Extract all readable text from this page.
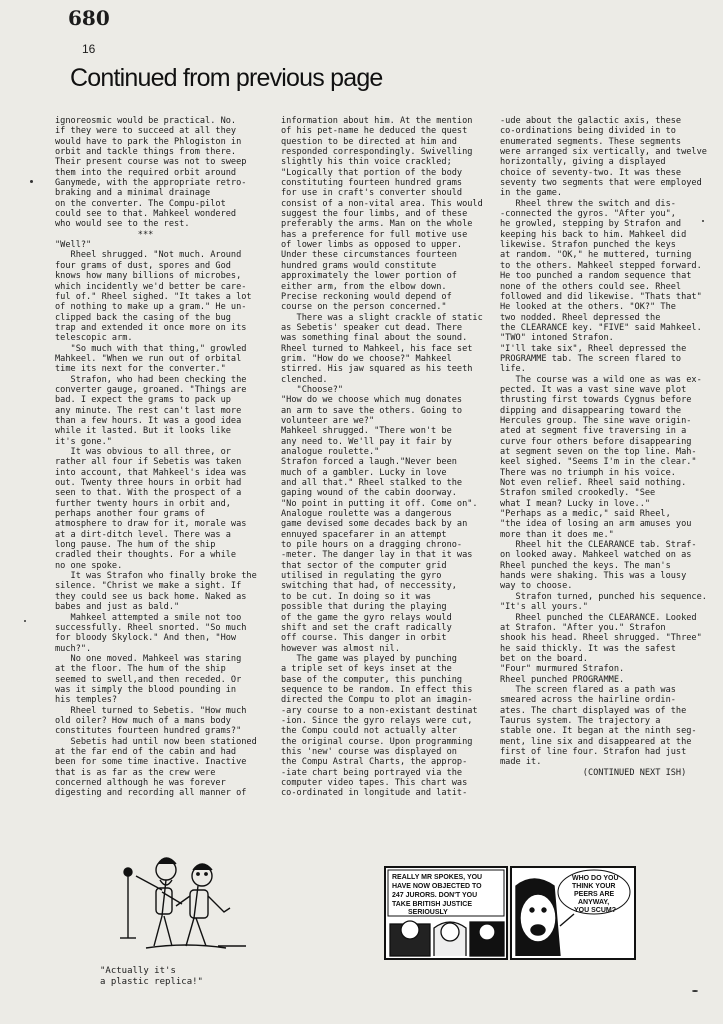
680
16
Continued from previous page
ignoreosmic would be practical. No.
if they were to succeed at all they
would have to park the Phlogiston in
orbit and tackle things from there.
Their present course was not to sweep
them into the required orbit around
Ganymede, with the appropriate retro-
braking and a minimal drainage
on the converter. The Compu-pilot
could see to that. Mahkeel wondered
who would see to the rest.
***
"Well?"
Rheel shrugged. "Not much. Around
four grams of dust, spores and God
knows how many billions of microbes,
which incidently we'd better be care-
ful of." Rheel sighed. "It takes a lot
of nothing to make up a gram." He un-
clipped back the casing of the bug
trap and extended it once more on its
telescopic arm.
"So much with that thing," growled
Mahkeel. "When we run out of orbital
time its next for the converter."
Strafon, who had been checking the
converter gauge, groaned. "Things are
bad. I expect the grams to pack up
any minute. The rest can't last more
than a few hours. It was a good idea
while it lasted. But it looks like
it's gone."
It was obvious to all three, or
rather all four if Sebetis was taken
into account, that Mahkeel's idea was
out. Twenty three hours in orbit had
seen to that. With the prospect of a
further twenty hours in orbit and,
perhaps another four grams of
atmosphere to draw for it, morale was
at a dirt-ditch level. There was a
long pause. The hum of the ship
cradled their thoughts. For a while
no one spoke.
It was Strafon who finally broke the
silence. "Christ we make a sight. If
they could see us back home. Naked as
babes and just as bald."
Mahkeel attempted a smile not too
successfully. Rheel snorted. "So much
for bloody Skylock." And then, "How
much?".
No one moved. Mahkeel was staring
at the floor. The hum of the ship
seemed to swell,and then receded. Or
was it simply the blood pounding in
his temples?
Rheel turned to Sebetis. "How much
old oiler? How much of a mans body
constitutes fourteen hundred grams?"
Sebetis had until now been stationed
at the far end of the cabin and had
been for some time inactive. Inactive
that is as far as the crew were
concerned although he was forever
digesting and recording all manner of
information about him. At the mention
of his pet-name he deduced the quest
question to be directed at him and
responded correspondingly. Swivelling
slightly his thin voice crackled;
"Logically that portion of the body
constituting fourteen hundred grams
for use in craft's converter should
consist of a non-vital area. This would
suggest the four limbs, and of these
preferably the arms. Man on the whole
has a preference for full motive use
of lower limbs as opposed to upper.
Under these circumstances fourteen
hundred grams would constitute
approximately the lower portion of
either arm, from the elbow down.
Precise reckoning would depend of
course on the person concerned."
There was a slight crackle of static
as Sebetis' speaker cut dead. There
was something final about the sound.
Rheel turned to Mahkeel, his face set
grim. "How do we choose?" Mahkeel
stirred. His jaw squared as his teeth
clenched.
"Choose?"
"How do we choose which mug donates
an arm to save the others. Going to
volunteer are we?"
Mahkeel shrugged. "There won't be
any need to. We'll pay it fair by
analogue roulette."
Strafon forced a laugh."Never been
much of a gambler. Lucky in love
and all that." Rheel stalked to the
gaping wound of the cabin doorway.
"No point in putting it off. Come on".
Analogue roulette was a dangerous
game devised some decades back by an
ennuyed spacefarer in an attempt
to pile hours on a dragging chrono-
-meter. The danger lay in that it was
that sector of the computer grid
utilised in regulating the gyro
switching that had, of neccessity,
to be cut. In doing so it was
possible that during the playing
of the game the gyro relays would
shift and set the craft radically
off course. This danger in orbit
however was almost nil.
The game was played by punching
a triple set of keys inset at the
base of the computer, this punching
sequence to be random. In effect this
directed the Compu to plot an imagin-
-ary course to a non-existant destinat
-ion. Since the gyro relays were cut,
the Compu could not actually alter
the original course. Upon programming
this 'new' course was displayed on
the Compu Astral Charts, the approp-
-iate chart being portrayed via the
computer video tapes. This chart was
co-ordinated in longitude and latit-
-ude about the galactic axis, these
co-ordinations being divided in to
enumerated segments. These segments
were arranged six vertically, and twelve
horizontally, giving a displayed
choice of seventy-two. It was these
seventy two segments that were employed
in the game.
Rheel threw the switch and dis-
-connected the gyros. "After you",
he growled, stepping by Strafon and
keeping his back to him. Mahkeel did
likewise. Strafon punched the keys
at random. "OK," he muttered, turning
to the others. Mahkeel stepped forward.
He too punched a random sequence that
none of the others could see. Rheel
followed and did likewise. "Thats that"
He looked at the others. "OK?" The
two nodded. Rheel depressed the
the CLEARANCE key. "FIVE" said Mahkeel.
"TWO" intoned Strafon.
"I'll take six", Rheel depressed the
PROGRAMME tab. The screen flared to
life.
The course was a wild one as was ex-
pected. It was a vast sine wave plot
thrusting first towards Cygnus before
dipping and disappearing toward the
Hercules group. The sine wave origin-
ated at segment five traversing in a
curve four others before disappearing
at segment seven on the top line. Mah-
keel sighed. "Seems I'm in the clear."
There was no triumph in his voice.
Not even relief. Rheel said nothing.
Strafon smiled crookedly. "See
what I mean? Lucky in love.."
"Perhaps as a medic," said Rheel,
"the idea of losing an arm amuses you
more than it does me."
Rheel hit the CLEARANCE tab. Straf-
on looked away. Mahkeel watched on as
Rheel punched the keys. The man's
hands were shaking. This was a lousy
way to choose.
Strafon turned, punched his sequence.
"It's all yours."
Rheel punched the CLEARANCE. Looked
at Strafon. "After you." Strafon
shook his head. Rheel shrugged. "Three"
he said thickly. It was the safest
bet on the board.
"Four" murmured Strafon.
Rheel punched PROGRAMME.
The screen flared as a path was
smeared across the hairline ordin-
ates. The chart displayed was of the
Taurus system. The trajectory a
stable one. It began at the ninth seg-
ment, line six and disappeared at the
first of line four. Strafon had just
made it.
(CONTINUED NEXT ISH)
"Actually it's
a plastic replica!"
REALLY MR SPOKES, YOU
HAVE NOW OBJECTED TO
247 JURORS. DON'T YOU
TAKE BRITISH JUSTICE
SERIOUSLY
WHO DO YOU
THINK YOUR
PEERS ARE
ANYWAY,
YOU SCUM?
